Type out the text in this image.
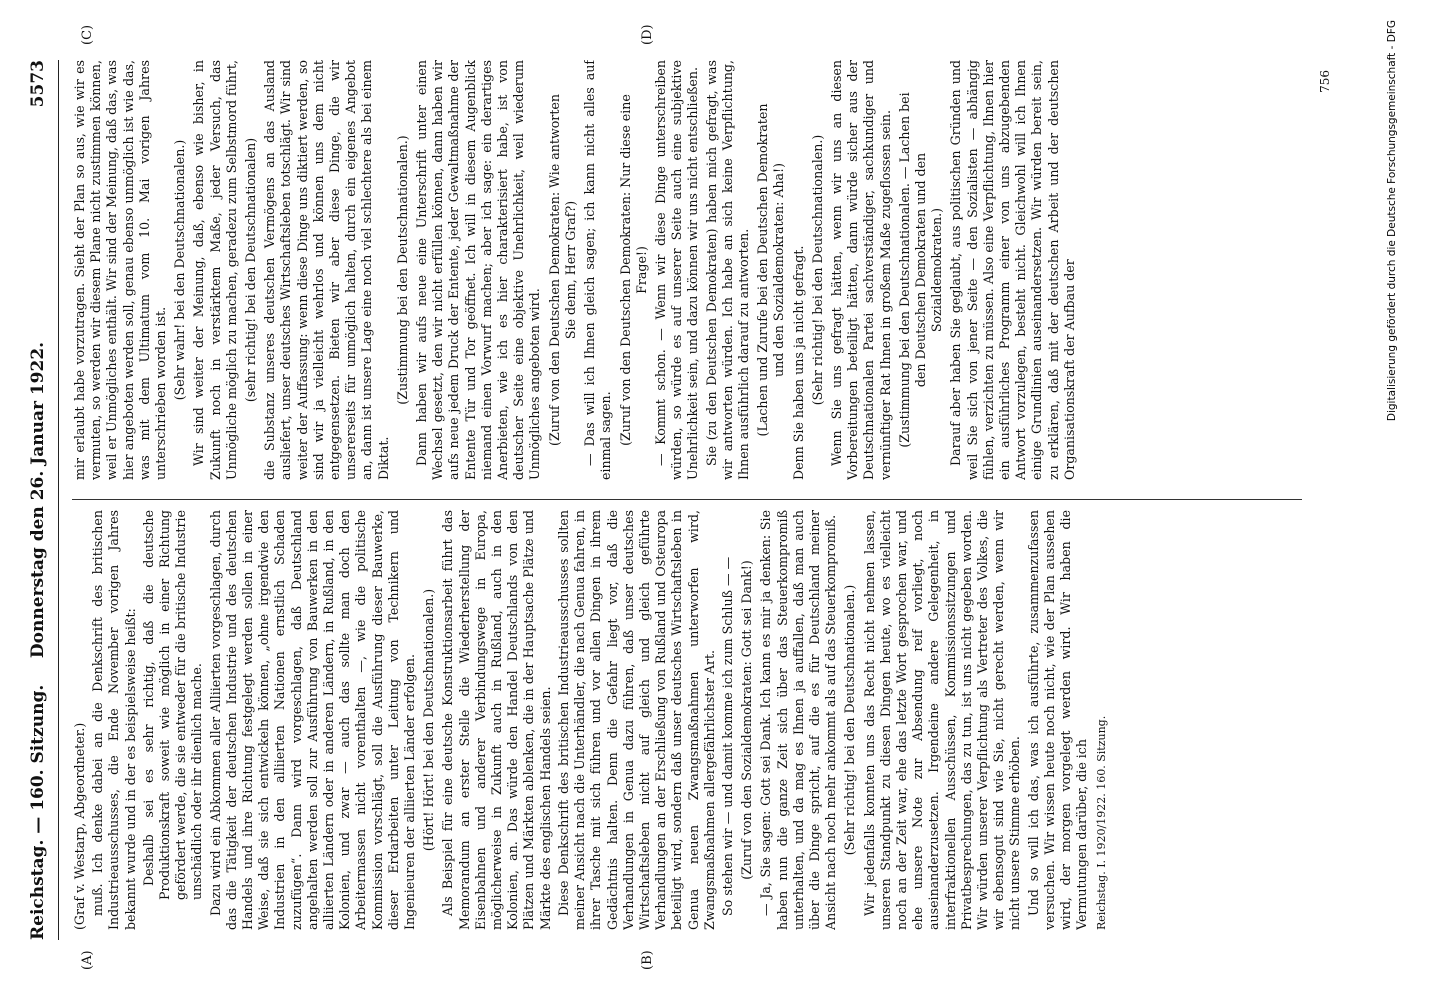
Reichstag. — 160. Sitzung.
Donnerstag den 26. Januar 1922.
5573
(A)	(B)
(C)	(D)

(Graf v. Westarp, Abgeordneter.) muß. Ich denke dabei an die Denkschrift des britischen Industrieausschusses, die Ende November vorigen Jahres bekannt wurde und in der es beispielsweise heißt: Deshalb sei es sehr richtig, daß die deutsche Produktionskraft soweit wie möglich in einer Richtung gefördert werde, die sie entweder für die britische Industrie unschädlich oder ihr dienlich mache. Dazu wird ein Abkommen aller Alliierten vorgeschlagen, durch das die Tätigkeit der deutschen Industrie und des deutschen Handels und ihre Richtung festgelegt werden sollen in einer Weise, daß sie sich entwickeln können, „ohne irgendwie den Industrien in den alliierten Nationen ernstlich Schaden zuzufügen“. Dann wird vorgeschlagen, daß Deutschland angehalten werden soll zur Ausführung von Bauwerken in den alliierten Ländern oder in anderen Ländern, in Rußland, in den Kolonien, und zwar — auch das sollte man doch den Arbeitermassen nicht vorenthalten —, wie die politische Kommission vorschlägt, soll die Ausführung dieser Bauwerke, dieser Erdarbeiten unter Leitung von Technikern und Ingenieuren der alliierten Länder erfolgen. (Hört! Hört! bei den Deutschnationalen.) Als Beispiel für eine deutsche Konstruktionsarbeit führt das Memorandum an erster Stelle die Wiederherstellung der Eisenbahnen und anderer Verbindungswege in Europa, möglicherweise in Zukunft auch in Rußland, auch in den Kolonien, an. Das würde den Handel Deutschlands von den Plätzen und Märkten ablenken, die in der Hauptsache Plätze und Märkte des englischen Handels seien. Diese Denkschrift des britischen Industrieausschusses sollten meiner Ansicht nach die Unterhändler, die nach Genua fahren, in ihrer Tasche mit sich führen und vor allen Dingen in ihrem Gedächtnis halten. Denn die Gefahr liegt vor, daß die Verhandlungen in Genua dazu führen, daß unser deutsches Wirtschaftsleben nicht auf gleich und gleich geführte Verhandlungen an der Erschließung von Rußland und Osteuropa beteiligt wird, sondern daß unser deutsches Wirtschaftsleben in Genua neuen Zwangsmaßnahmen unterworfen wird, Zwangsmaßnahmen allergefährlichster Art. So stehen wir — und damit komme ich zum Schluß — — (Zuruf von den Sozialdemokraten: Gott sei Dank!) — Ja, Sie sagen: Gott sei Dank. Ich kann es mir ja denken: Sie haben nun die ganze Zeit sich über das Steuerkompromiß unterhalten, und da mag es Ihnen ja auffallen, daß man auch über die Dinge spricht, auf die es für Deutschland meiner Ansicht nach noch mehr ankommt als auf das Steuerkompromiß. (Sehr richtig! bei den Deutschnationalen.) Wir jedenfalls konnten uns das Recht nicht nehmen lassen, unseren Standpunkt zu diesen Dingen heute, wo es vielleicht noch an der Zeit war, ehe das letzte Wort gesprochen war, und ehe unsere Note zur Absendung reif vorliegt, noch auseinanderzusetzen. Irgendeine andere Gelegenheit, in interfraktionellen Ausschüssen, Kommissionssitzungen und Privatbesprechungen, das zu tun, ist uns nicht gegeben worden. Wir würden unserer Verpflichtung als Vertreter des Volkes, die wir ebensogut sind wie Sie, nicht gerecht werden, wenn wir nicht unsere Stimme erhöben. Und so will ich das, was ich ausführte, zusammenzufassen versuchen. Wir wissen heute noch nicht, wie der Plan aussehen wird, der morgen vorgelegt werden wird. Wir haben die Vermutungen darüber, die ich Reichstag. I. 1920/1922. 160. Sitzung.

mir erlaubt habe vorzutragen. Sieht der Plan so aus, wie wir es vermuten, so werden wir diesem Plane nicht zustimmen können, weil er Unmögliches enthält. Wir sind der Meinung, daß das, was hier angeboten werden soll, genau ebenso unmöglich ist wie das, was mit dem Ultimatum vom 10. Mai vorigen Jahres unterschrieben worden ist. (Sehr wahr! bei den Deutschnationalen.) Wir sind weiter der Meinung, daß, ebenso wie bisher, in Zukunft noch in verstärktem Maße, jeder Versuch, das Unmögliche möglich zu machen, geradezu zum Selbstmord führt, (sehr richtig! bei den Deutschnationalen) die Substanz unseres deutschen Vermögens an das Ausland ausliefert, unser deutsches Wirtschaftsleben totschlägt. Wir sind weiter der Auffassung: wenn diese Dinge uns diktiert werden, so sind wir ja vielleicht wehrlos und können uns dem nicht entgegensetzen. Bieten wir aber diese Dinge, die wir unsererseits für unmöglich halten, durch ein eigenes Angebot an, dann ist unsere Lage eine noch viel schlechtere als bei einem Diktat.

(Zustimmung bei den Deutschnationalen.) Dann haben wir aufs neue eine Unterschrift unter einen Wechsel gesetzt, den wir nicht erfüllen können, dann haben wir aufs neue jedem Druck der Entente, jeder Gewaltmaßnahme der Entente Tür und Tor geöffnet. Ich will in diesem Augenblick niemand einen Vorwurf machen; aber ich sage: ein derartiges Anerbieten, wie ich es hier charakterisiert habe, ist von deutscher Seite eine objektive Unehrlichkeit, weil wiederum Unmögliches angeboten wird. (Zuruf von den Deutschen Demokraten: Wie antworten Sie denn, Herr Graf?) — Das will ich Ihnen gleich sagen; ich kann nicht alles auf einmal sagen. (Zuruf von den Deutschen Demokraten: Nur diese eine Frage!) — Kommt schon. — Wenn wir diese Dinge unterschreiben würden, so würde es auf unserer Seite auch eine subjektive Unehrlichkeit sein, und dazu können wir uns nicht entschließen. Sie (zu den Deutschen Demokraten) haben mich gefragt, was wir antworten würden. Ich habe an sich keine Verpflichtung, Ihnen ausführlich darauf zu antworten. (Lachen und Zurufe bei den Deutschen Demokraten und den Sozialdemokraten: Aha!) Denn Sie haben uns ja nicht gefragt. (Sehr richtig! bei den Deutschnationalen.) Wenn Sie uns gefragt hätten, wenn wir uns an diesen Vorbereitungen beteiligt hätten, dann würde sicher aus der Deutschnationalen Partei sachverständiger, sachkundiger und vernünftiger Rat Ihnen in großem Maße zugeflossen sein. (Zustimmung bei den Deutschnationalen. — Lachen bei den Deutschen Demokraten und den Sozialdemokraten.) Darauf aber haben Sie geglaubt, aus politischen Gründen und weil Sie sich von jener Seite — den Sozialisten — abhängig fühlen, verzichten zu müssen. Also eine Verpflichtung, Ihnen hier ein ausführliches Programm einer von uns abzugebenden Antwort vorzulegen, besteht nicht. Gleichwohl will ich Ihnen einige Grundlinien auseinandersetzen. Wir würden bereit sein, zu erklären, daß mit der deutschen Arbeit und der deutschen Organisationskraft der Aufbau der

756	Digitalisierung gefördert durch die Deutsche Forschungsgemeinschaft - DFG
